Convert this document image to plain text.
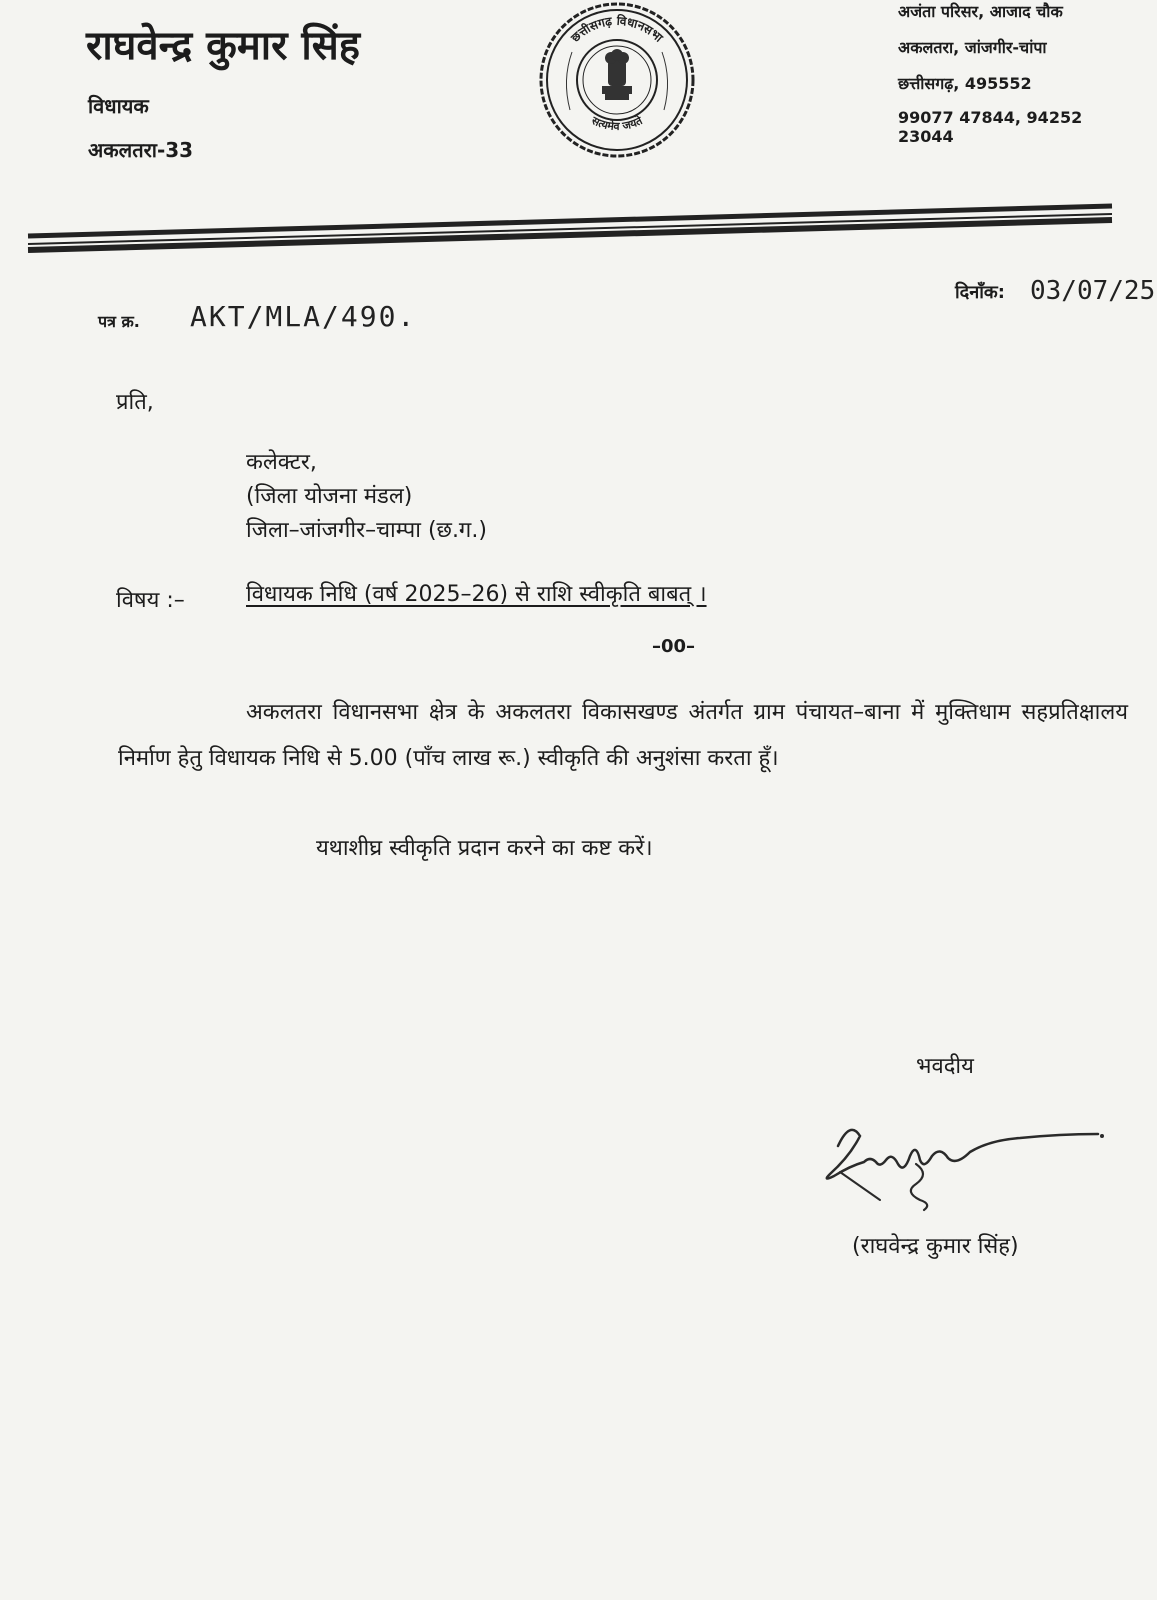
राघवेन्द्र कुमार सिंह
विधायक
अकलतरा-33
छत्तीसगढ़ विधानसभा
सत्यमेव जयते
अजंता परिसर, आजाद चौक
अकलतरा, जांजगीर-चांपा
छत्तीसगढ़, 495552
99077 47844, 94252 23044
दिनाँक: 03/07/25
पत्र क्र. AKT/MLA/490.
प्रति,
कलेक्टर,
(जिला योजना मंडल)
जिला–जांजगीर–चाम्पा (छ.ग.)
विषय :–	विधायक निधि (वर्ष 2025–26) से राशि स्वीकृति बाबत् ।
–00–
अकलतरा विधानसभा क्षेत्र के अकलतरा विकासखण्ड अंतर्गत ग्राम पंचायत–बाना में मुक्तिधाम सहप्रतिक्षालय निर्माण हेतु विधायक निधि से 5.00 (पाँच लाख रू.) स्वीकृति की अनुशंसा करता हूँ।
यथाशीघ्र स्वीकृति प्रदान करने का कष्ट करें।
भवदीय
(राघवेन्द्र कुमार सिंह)
